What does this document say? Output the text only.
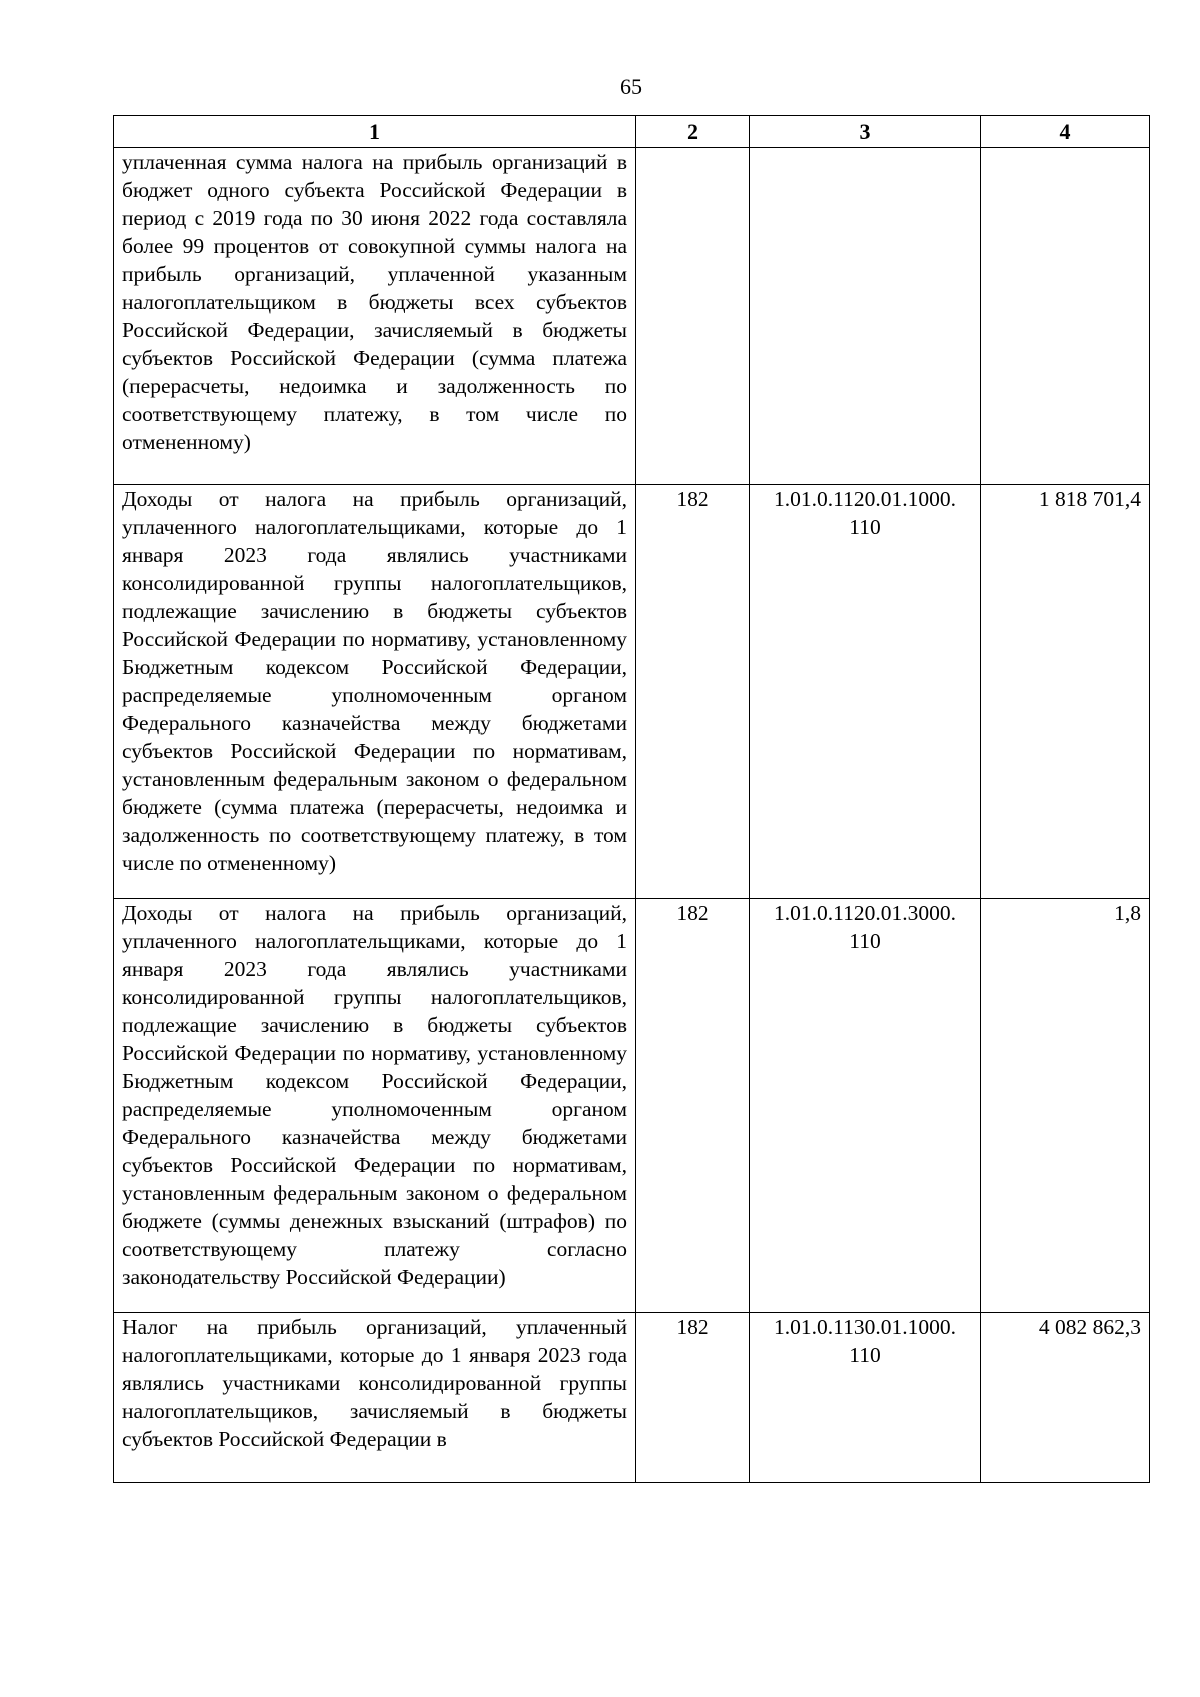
65
1	2	3	4
уплаченная сумма налога на прибыль организаций в бюджет одного субъекта Российской Федерации в период с 2019 года по 30 июня 2022 года составляла более 99 процентов от совокупной суммы налога на прибыль организаций, уплаченной указанным налогоплательщиком в бюджеты всех субъектов Российской Федерации, зачисляемый в бюджеты субъектов Российской Федерации (сумма платежа (перерасчеты, недоимка и задолженность по соответствующему платежу, в том числе по отмененному)			
Доходы от налога на прибыль организаций, уплаченного налогоплательщиками, которые до 1 января 2023 года являлись участниками консолидированной группы налогоплательщиков, подлежащие зачислению в бюджеты субъектов Российской Федерации по нормативу, установленному Бюджетным кодексом Российской Федерации, распределяемые уполномоченным органом Федерального казначейства между бюджетами субъектов Российской Федерации по нормативам, установленным федеральным законом о федеральном бюджете (сумма платежа (перерасчеты, недоимка и задолженность по соответствующему платежу, в том числе по отмененному)	182	1.01.0.1120.01.1000. 110	1 818 701,4
Доходы от налога на прибыль организаций, уплаченного налогоплательщиками, которые до 1 января 2023 года являлись участниками консолидированной группы налогоплательщиков, подлежащие зачислению в бюджеты субъектов Российской Федерации по нормативу, установленному Бюджетным кодексом Российской Федерации, распределяемые уполномоченным органом Федерального казначейства между бюджетами субъектов Российской Федерации по нормативам, установленным федеральным законом о федеральном бюджете (суммы денежных взысканий (штрафов) по соответствующему платежу согласно законодательству Российской Федерации)	182	1.01.0.1120.01.3000. 110	1,8
Налог на прибыль организаций, уплаченный налогоплательщиками, которые до 1 января 2023 года являлись участниками консолидированной группы налогоплательщиков, зачисляемый в бюджеты субъектов Российской Федерации в	182	1.01.0.1130.01.1000. 110	4 082 862,3
